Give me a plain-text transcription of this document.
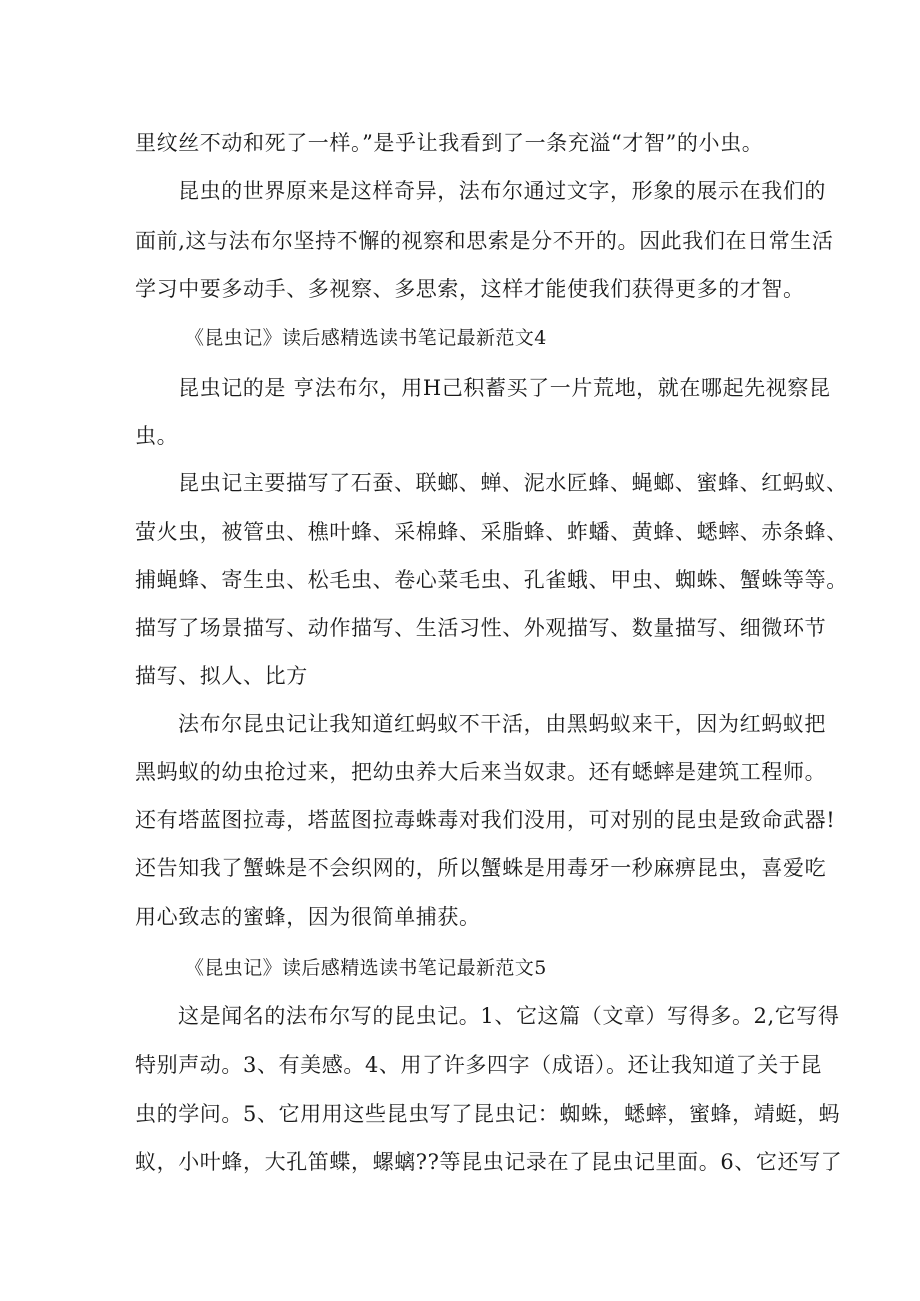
里纹丝不动和死了一样。”是乎让我看到了一条充溢“才智”的小虫。
昆虫的世界原来是这样奇异，法布尔通过文字，形象的展示在我们的
面前,这与法布尔坚持不懈的视察和思索是分不开的。因此我们在日常生活
学习中要多动手、多视察、多思索，这样才能使我们获得更多的才智。
《昆虫记》读后感精选读书笔记最新范文4
昆虫记的是 亨法布尔，用H己积蓄买了一片荒地，就在哪起先视察昆
虫。
昆虫记主要描写了石蚕、联螂、蝉、泥水匠蜂、蝇螂、蜜蜂、红蚂蚁、
萤火虫，被管虫、樵叶蜂、采棉蜂、采脂蜂、蚱蟠、黄蜂、蟋蟀、赤条蜂、
捕蝇蜂、寄生虫、松毛虫、卷心菜毛虫、孔雀蛾、甲虫、蜘蛛、蟹蛛等等。
描写了场景描写、动作描写、生活习性、外观描写、数量描写、细微环节
描写、拟人、比方
法布尔昆虫记让我知道红蚂蚁不干活，由黑蚂蚁来干，因为红蚂蚁把
黑蚂蚁的幼虫抢过来，把幼虫养大后来当奴隶。还有蟋蟀是建筑工程师。
还有塔蓝图拉毒，塔蓝图拉毒蛛毒对我们没用，可对别的昆虫是致命武器!
还告知我了蟹蛛是不会织网的，所以蟹蛛是用毒牙一秒麻痹昆虫，喜爱吃
用心致志的蜜蜂，因为很简单捕获。
《昆虫记》读后感精选读书笔记最新范文5
这是闻名的法布尔写的昆虫记。1、它这篇（文章）写得多。2,它写得
特别声动。3、有美感。4、用了许多四字（成语）。还让我知道了关于昆
虫的学问。5、它用用这些昆虫写了昆虫记：蜘蛛，蟋蟀，蜜蜂，靖蜓，蚂
蚁，小叶蜂，大孔笛蝶，螺螭??等昆虫记录在了昆虫记里面。6、它还写了
